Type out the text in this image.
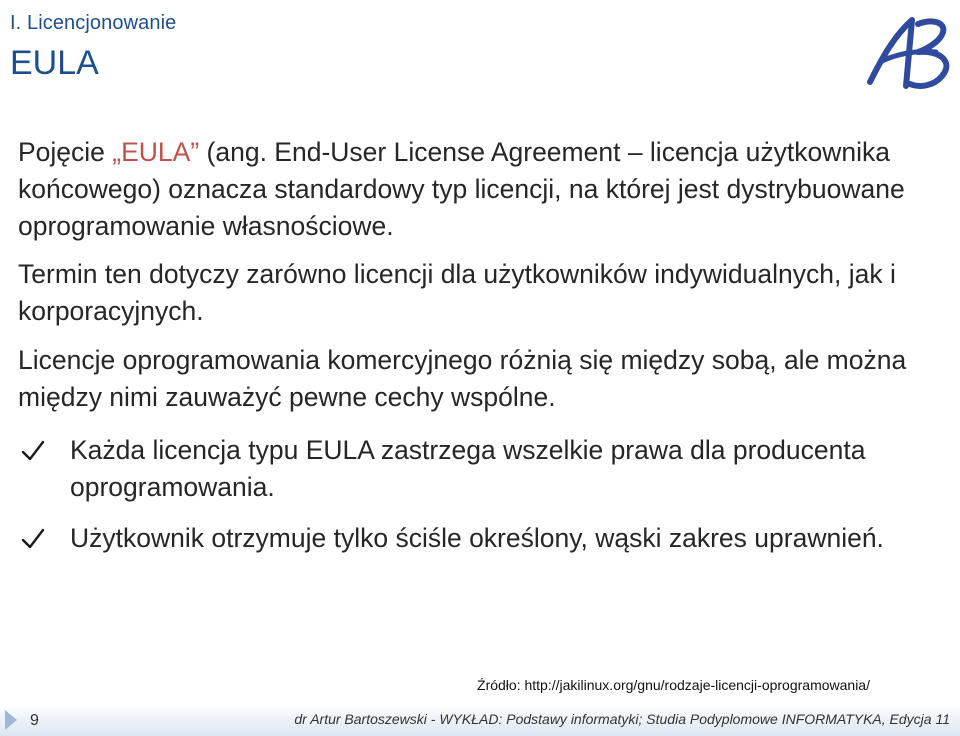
I. Licencjonowanie
EULA
Pojęcie „EULA” (ang. End-User License Agreement – licencja użytkownika końcowego) oznacza standardowy typ licencji, na której jest dystrybuowane oprogramowanie własnościowe.
Termin ten dotyczy zarówno licencji dla użytkowników indywidualnych, jak i korporacyjnych.
Licencje oprogramowania komercyjnego różnią się między sobą, ale można między nimi zauważyć pewne cechy wspólne.
Każda licencja typu EULA zastrzega wszelkie prawa dla producenta oprogramowania.
Użytkownik otrzymuje tylko ściśle określony, wąski zakres uprawnień.
Źródło: http://jakilinux.org/gnu/rodzaje-licencji-oprogramowania/
9	dr Artur Bartoszewski - WYKŁAD: Podstawy informatyki; Studia Podyplomowe INFORMATYKA, Edycja 11
